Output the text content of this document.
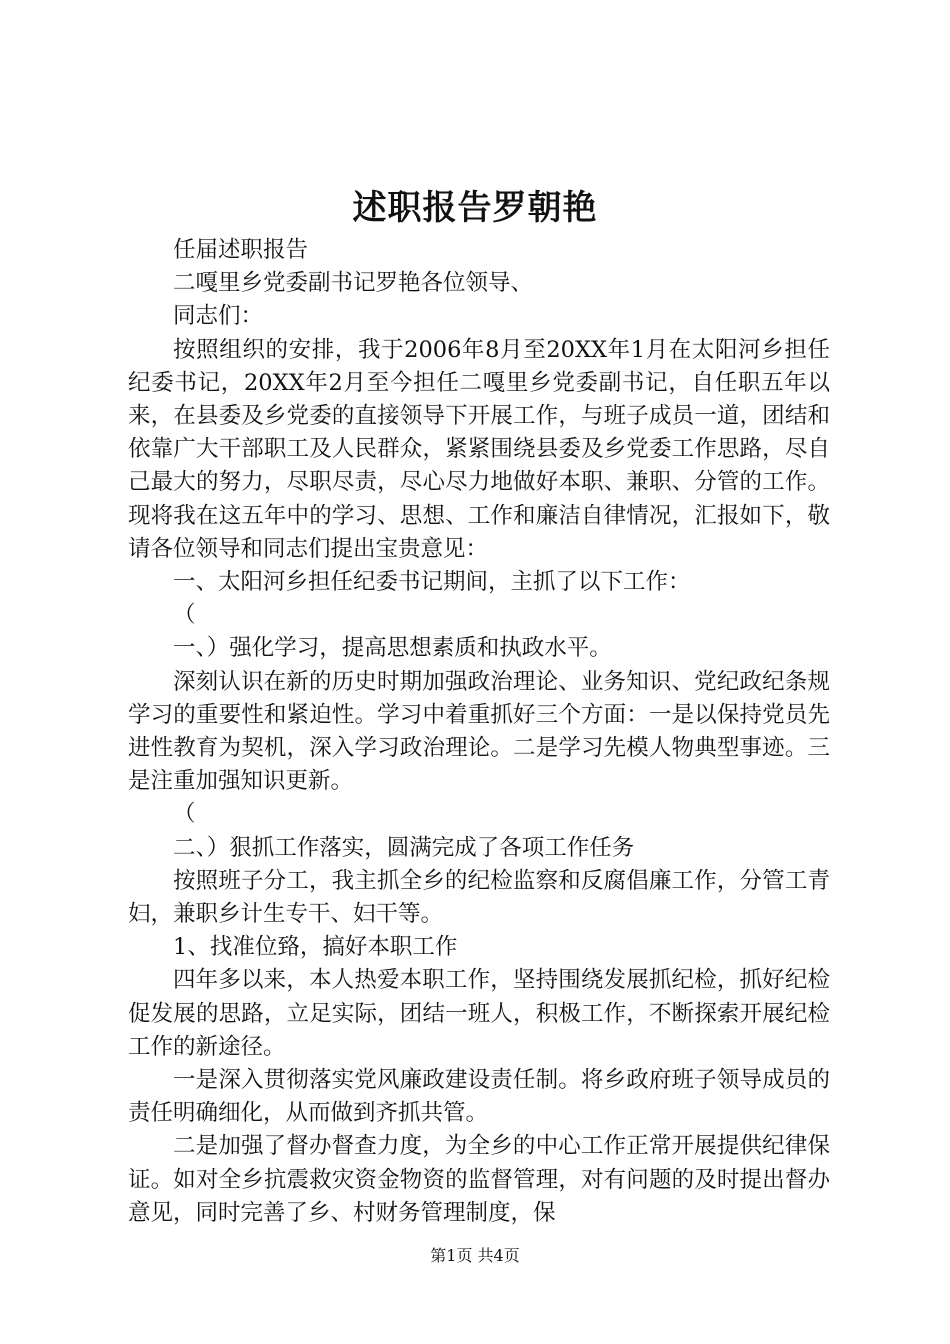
述职报告罗朝艳

任届述职报告

二嘎里乡党委副书记罗艳各位领导、

同志们：

按照组织的安排，我于2006年8月至20XX年1月在太阳河乡担任纪委书记，20XX年2月至今担任二嘎里乡党委副书记，自任职五年以来，在县委及乡党委的直接领导下开展工作，与班子成员一道，团结和依靠广大干部职工及人民群众，紧紧围绕县委及乡党委工作思路，尽自己最大的努力，尽职尽责，尽心尽力地做好本职、兼职、分管的工作。现将我在这五年中的学习、思想、工作和廉洁自律情况，汇报如下，敬请各位领导和同志们提出宝贵意见：

一、太阳河乡担任纪委书记期间，主抓了以下工作：

（

一、）强化学习，提高思想素质和执政水平。

深刻认识在新的历史时期加强政治理论、业务知识、党纪政纪条规学习的重要性和紧迫性。学习中着重抓好三个方面：一是以保持党员先进性教育为契机，深入学习政治理论。二是学习先模人物典型事迹。三是注重加强知识更新。

（

二、）狠抓工作落实，圆满完成了各项工作任务

按照班子分工，我主抓全乡的纪检监察和反腐倡廉工作，分管工青妇，兼职乡计生专干、妇干等。

1、找准位臵，搞好本职工作

四年多以来，本人热爱本职工作，坚持围绕发展抓纪检，抓好纪检促发展的思路，立足实际，团结一班人，积极工作，不断探索开展纪检工作的新途径。

一是深入贯彻落实党风廉政建设责任制。将乡政府班子领导成员的责任明确细化，从而做到齐抓共管。

二是加强了督办督查力度，为全乡的中心工作正常开展提供纪律保证。如对全乡抗震救灾资金物资的监督管理，对有问题的及时提出督办意见，同时完善了乡、村财务管理制度，保

第1页 共4页
